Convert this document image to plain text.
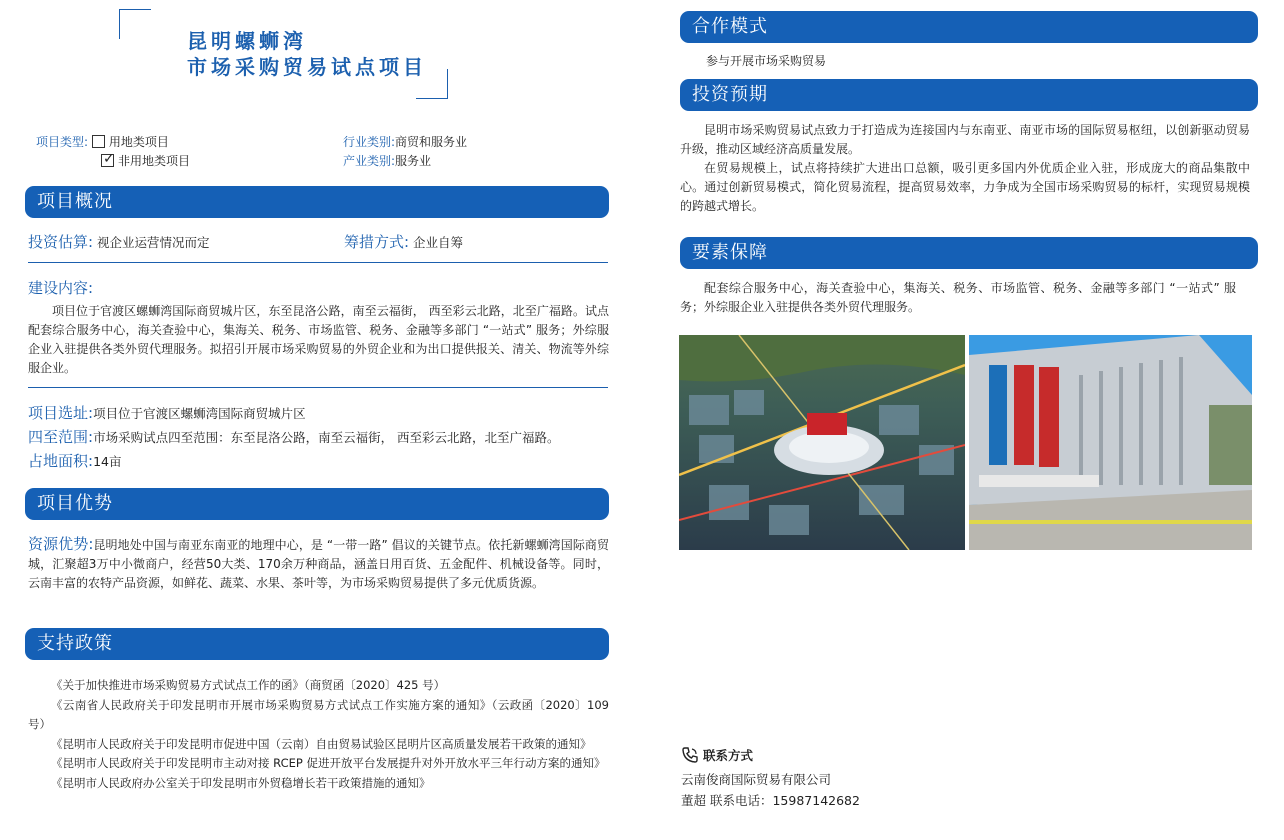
昆明螺蛳湾
市场采购贸易试点项目
项目类型: 用地类项目
✓非用地类项目
行业类别:商贸和服务业
产业类别:服务业
项目概况
投资估算: 视企业运营情况而定	筹措方式: 企业自筹
建设内容:
项目位于官渡区螺蛳湾国际商贸城片区，东至昆洛公路，南至云福街， 西至彩云北路，北至广福路。试点配套综合服务中心，海关查验中心，集海关、税务、市场监管、税务、金融等多部门 “一站式” 服务；外综服企业入驻提供各类外贸代理服务。拟招引开展市场采购贸易的外贸企业和为出口提供报关、清关、物流等外综服企业。
项目选址:项目位于官渡区螺蛳湾国际商贸城片区
四至范围:市场采购试点四至范围：东至昆洛公路，南至云福街， 西至彩云北路，北至广福路。
占地面积:14亩
项目优势
资源优势:昆明地处中国与南亚东南亚的地理中心，是 “一带一路” 倡议的关键节点。依托新螺蛳湾国际商贸城，汇聚超3万中小微商户，经营50大类、170余万种商品，涵盖日用百货、五金配件、机械设备等。同时，云南丰富的农特产品资源，如鲜花、蔬菜、水果、茶叶等，为市场采购贸易提供了多元优质货源。
支持政策
《关于加快推进市场采购贸易方式试点工作的函》（商贸函〔2020〕425 号）
《云南省人民政府关于印发昆明市开展市场采购贸易方式试点工作实施方案的通知》（云政函〔2020〕109 号）
《昆明市人民政府关于印发昆明市促进中国（云南）自由贸易试验区昆明片区高质量发展若干政策的通知》
《昆明市人民政府关于印发昆明市主动对接 RCEP 促进开放平台发展提升对外开放水平三年行动方案的通知》
《昆明市人民政府办公室关于印发昆明市外贸稳增长若干政策措施的通知》
合作模式
参与开展市场采购贸易
投资预期
昆明市场采购贸易试点致力于打造成为连接国内与东南亚、南亚市场的国际贸易枢纽，以创新驱动贸易升级，推动区域经济高质量发展。
在贸易规模上，试点将持续扩大进出口总额，吸引更多国内外优质企业入驻，形成庞大的商品集散中心。通过创新贸易模式，简化贸易流程，提高贸易效率，力争成为全国市场采购贸易的标杆，实现贸易规模的跨越式增长。
要素保障
配套综合服务中心，海关查验中心，集海关、税务、市场监管、税务、金融等多部门 “一站式” 服务；外综服企业入驻提供各类外贸代理服务。
联系方式
云南俊商国际贸易有限公司
董超 联系电话：15987142682
